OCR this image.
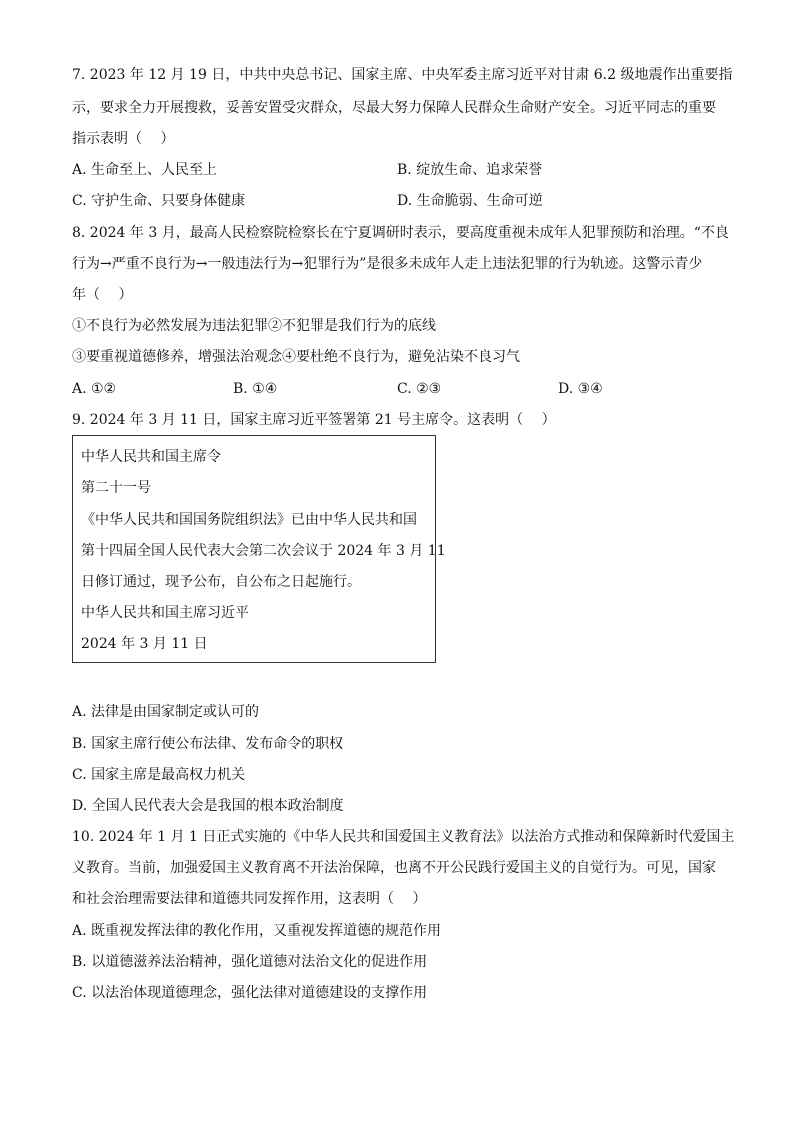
7. 2023 年 12 月 19 日，中共中央总书记、国家主席、中央军委主席习近平对甘肃 6.2 级地震作出重要指
示，要求全力开展搜救，妥善安置受灾群众，尽最大努力保障人民群众生命财产安全。习近平同志的重要
指示表明（　 ）
A. 生命至上、人民至上	B. 绽放生命、追求荣誉
C. 守护生命、只要身体健康	D. 生命脆弱、生命可逆
8. 2024 年 3 月，最高人民检察院检察长在宁夏调研时表示，要高度重视未成年人犯罪预防和治理。“不良
行为→严重不良行为→一般违法行为→犯罪行为”是很多未成年人走上违法犯罪的行为轨迹。这警示青少
年（　 ）
①不良行为必然发展为违法犯罪②不犯罪是我们行为的底线
③要重视道德修养，增强法治观念④要杜绝不良行为，避免沾染不良习气
A. ①②	B. ①④	C. ②③	D. ③④
9. 2024 年 3 月 11 日，国家主席习近平签署第 21 号主席令。这表明（　 ）
中华人民共和国主席令
第二十一号
《中华人民共和国国务院组织法》已由中华人民共和国
第十四届全国人民代表大会第二次会议于 2024 年 3 月 11
日修订通过，现予公布，自公布之日起施行。
中华人民共和国主席习近平
2024 年 3 月 11 日
A. 法律是由国家制定或认可的
B. 国家主席行使公布法律、发布命令的职权
C. 国家主席是最高权力机关
D. 全国人民代表大会是我国的根本政治制度
10. 2024 年 1 月 1 日正式实施的《中华人民共和国爱国主义教育法》以法治方式推动和保障新时代爱国主
义教育。当前，加强爱国主义教育离不开法治保障，也离不开公民践行爱国主义的自觉行为。可见，国家
和社会治理需要法律和道德共同发挥作用，这表明（　 ）
A. 既重视发挥法律的教化作用，又重视发挥道德的规范作用
B. 以道德滋养法治精神，强化道德对法治文化的促进作用
C. 以法治体现道德理念，强化法律对道德建设的支撑作用
